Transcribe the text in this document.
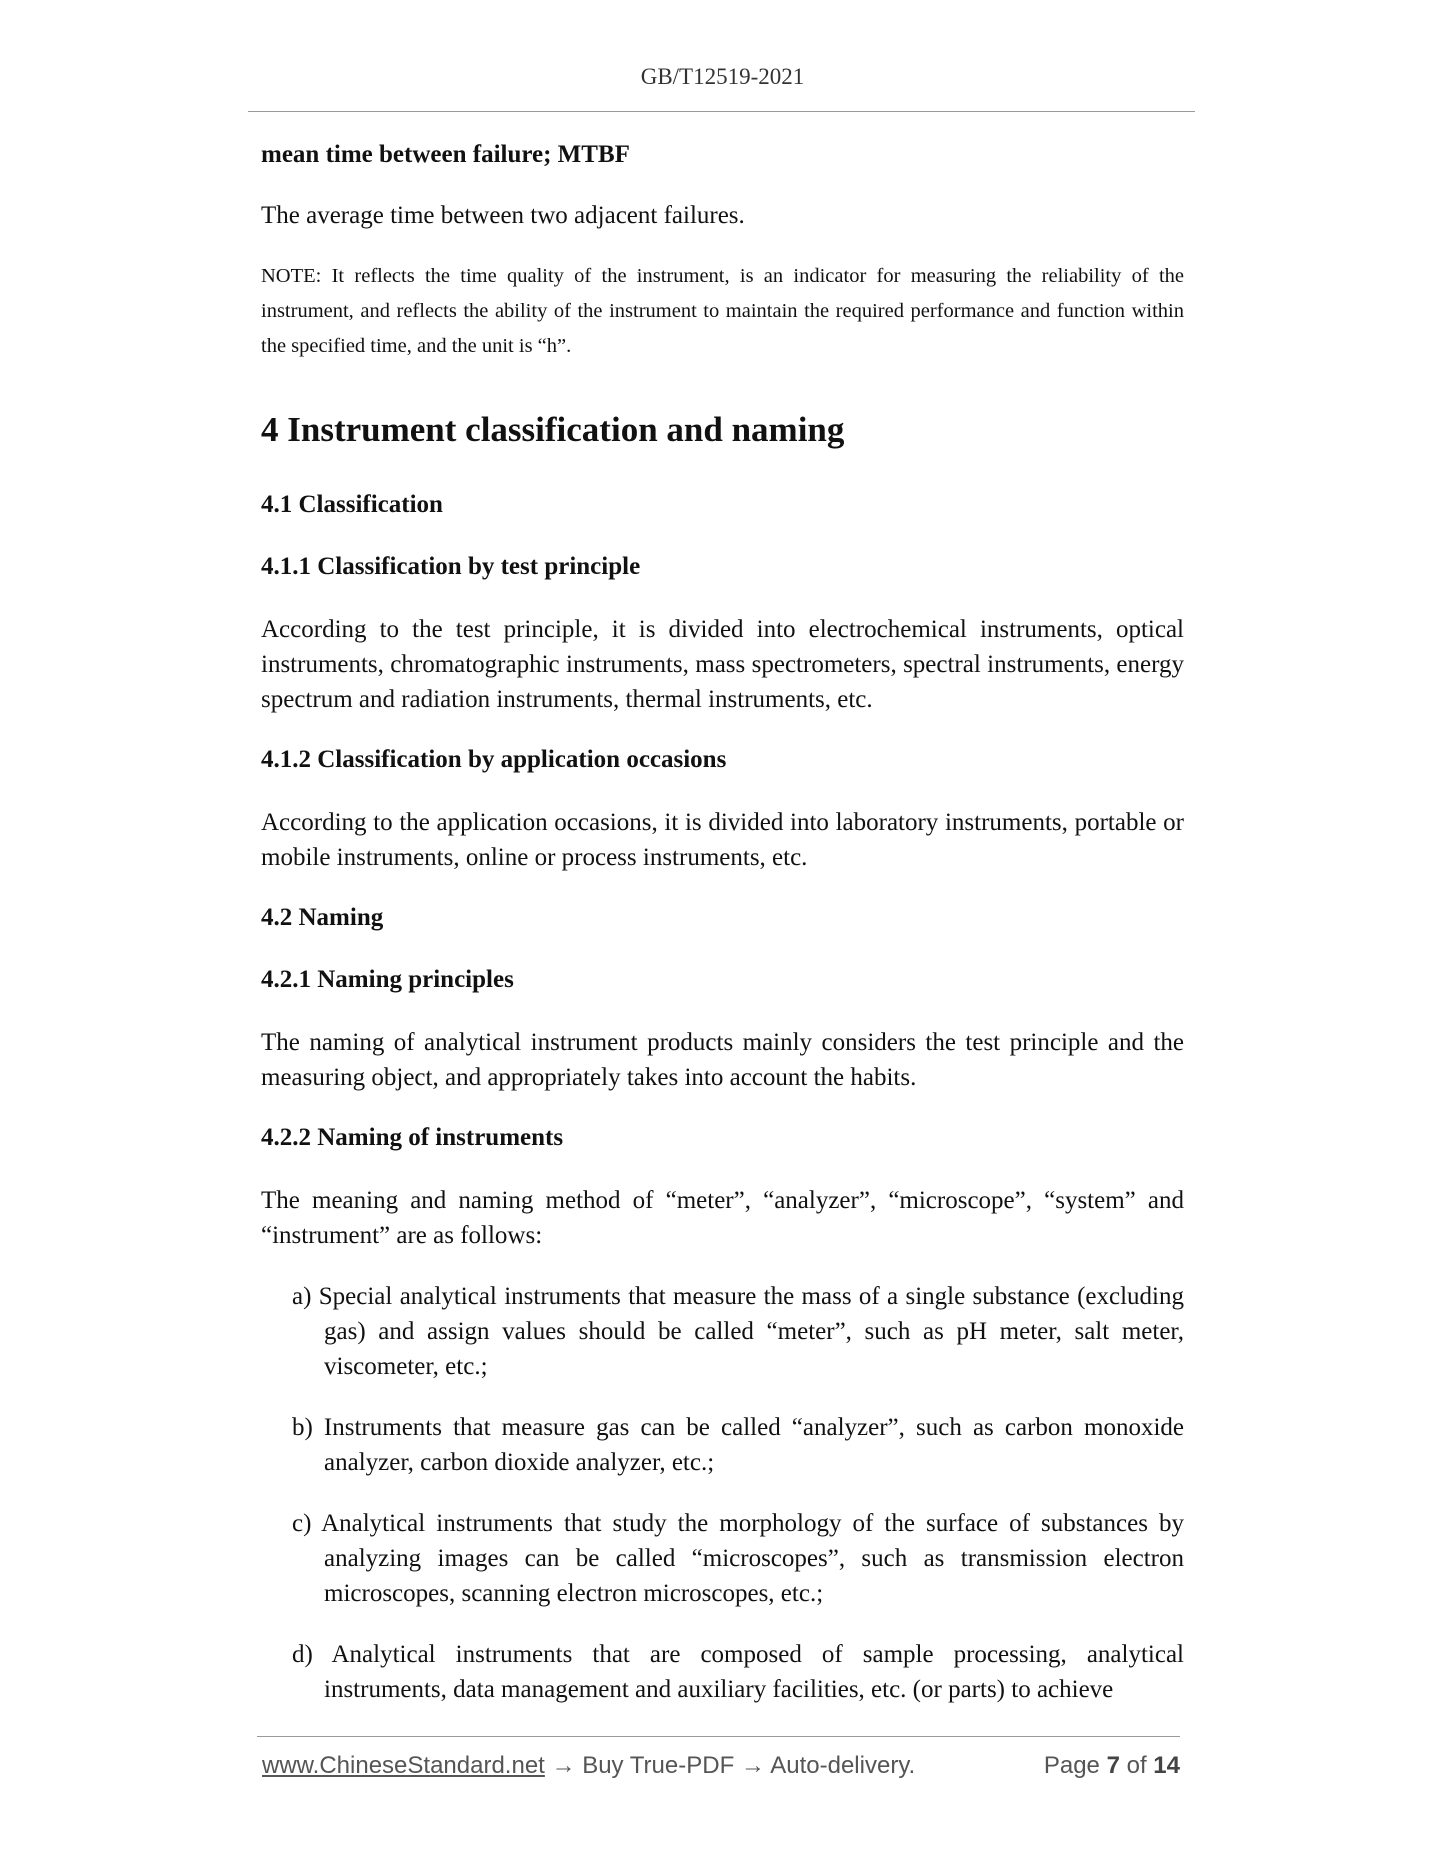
GB/T12519-2021
mean time between failure; MTBF
The average time between two adjacent failures.
NOTE: It reflects the time quality of the instrument, is an indicator for measuring the reliability of the instrument, and reflects the ability of the instrument to maintain the required performance and function within the specified time, and the unit is “h”.
4 Instrument classification and naming
4.1 Classification
4.1.1 Classification by test principle
According to the test principle, it is divided into electrochemical instruments, optical instruments, chromatographic instruments, mass spectrometers, spectral instruments, energy spectrum and radiation instruments, thermal instruments, etc.
4.1.2 Classification by application occasions
According to the application occasions, it is divided into laboratory instruments, portable or mobile instruments, online or process instruments, etc.
4.2 Naming
4.2.1 Naming principles
The naming of analytical instrument products mainly considers the test principle and the measuring object, and appropriately takes into account the habits.
4.2.2 Naming of instruments
The meaning and naming method of “meter”, “analyzer”, “microscope”, “system” and “instrument” are as follows:
a) Special analytical instruments that measure the mass of a single substance (excluding gas) and assign values should be called “meter”, such as pH meter, salt meter, viscometer, etc.;
b) Instruments that measure gas can be called “analyzer”, such as carbon monoxide analyzer, carbon dioxide analyzer, etc.;
c) Analytical instruments that study the morphology of the surface of substances by analyzing images can be called “microscopes”, such as transmission electron microscopes, scanning electron microscopes, etc.;
d) Analytical instruments that are composed of sample processing, analytical instruments, data management and auxiliary facilities, etc. (or parts) to achieve
www.ChineseStandard.net → Buy True-PDF → Auto-delivery.	Page 7 of 14
